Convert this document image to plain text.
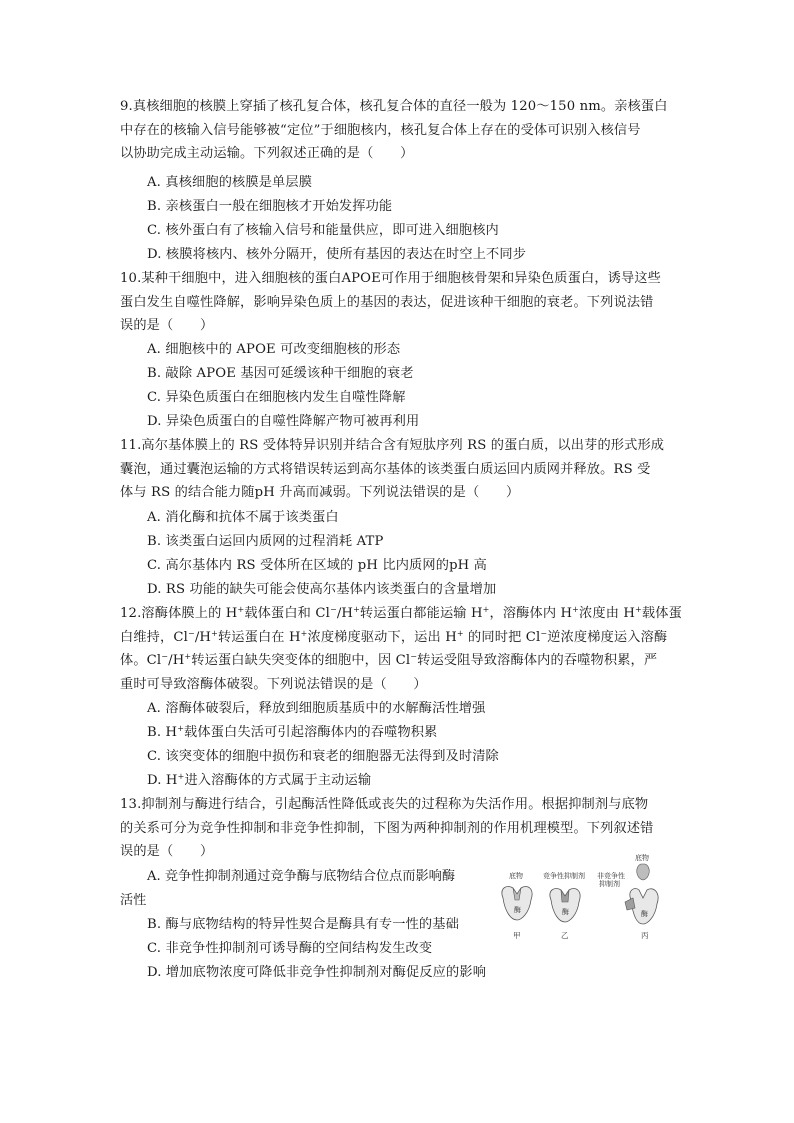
9.真核细胞的核膜上穿插了核孔复合体，核孔复合体的直径一般为 120～150 nm。亲核蛋白
中存在的核输入信号能够被“定位”于细胞核内，核孔复合体上存在的受体可识别入核信号
以协助完成主动运输。下列叙述正确的是（　　）
A. 真核细胞的核膜是单层膜
B. 亲核蛋白一般在细胞核才开始发挥功能
C. 核外蛋白有了核输入信号和能量供应，即可进入细胞核内
D. 核膜将核内、核外分隔开，使所有基因的表达在时空上不同步
10.某种干细胞中，进入细胞核的蛋白APOE可作用于细胞核骨架和异染色质蛋白，诱导这些
蛋白发生自噬性降解，影响异染色质上的基因的表达，促进该种干细胞的衰老。下列说法错
误的是（　　）
A. 细胞核中的 APOE 可改变细胞核的形态
B. 敲除 APOE 基因可延缓该种干细胞的衰老
C. 异染色质蛋白在细胞核内发生自噬性降解
D. 异染色质蛋白的自噬性降解产物可被再利用
11.高尔基体膜上的 RS 受体特异识别并结合含有短肽序列 RS 的蛋白质，以出芽的形式形成
囊泡，通过囊泡运输的方式将错误转运到高尔基体的该类蛋白质运回内质网并释放。RS 受
体与 RS 的结合能力随pH 升高而减弱。下列说法错误的是（　　）
A. 消化酶和抗体不属于该类蛋白
B. 该类蛋白运回内质网的过程消耗 ATP
C. 高尔基体内 RS 受体所在区域的 pH 比内质网的pH 高
D. RS 功能的缺失可能会使高尔基体内该类蛋白的含量增加
12.溶酶体膜上的 H+载体蛋白和 Cl−/H+转运蛋白都能运输 H+，溶酶体内 H+浓度由 H+载体蛋
白维持，Cl−/H+转运蛋白在 H+浓度梯度驱动下，运出 H+ 的同时把 Cl−逆浓度梯度运入溶酶
体。Cl−/H+转运蛋白缺失突变体的细胞中，因 Cl−转运受阻导致溶酶体内的吞噬物积累，严
重时可导致溶酶体破裂。下列说法错误的是（　　）
A. 溶酶体破裂后，释放到细胞质基质中的水解酶活性增强
B. H+载体蛋白失活可引起溶酶体内的吞噬物积累
C. 该突变体的细胞中损伤和衰老的细胞器无法得到及时清除
D. H+进入溶酶体的方式属于主动运输
13.抑制剂与酶进行结合，引起酶活性降低或丧失的过程称为失活作用。根据抑制剂与底物
的关系可分为竞争性抑制和非竞争性抑制，下图为两种抑制剂的作用机理模型。下列叙述错
误的是（　　）
A. 竞争性抑制剂通过竞争酶与底物结合位点而影响酶
活性
B. 酶与底物结构的特异性契合是酶具有专一性的基础
C. 非竞争性抑制剂可诱导酶的空间结构发生改变
D. 增加底物浓度可降低非竞争性抑制剂对酶促反应的影响
底物
酶
甲
竞争性抑制剂
酶
乙
底物
非竞争性
抑制剂
酶
丙
